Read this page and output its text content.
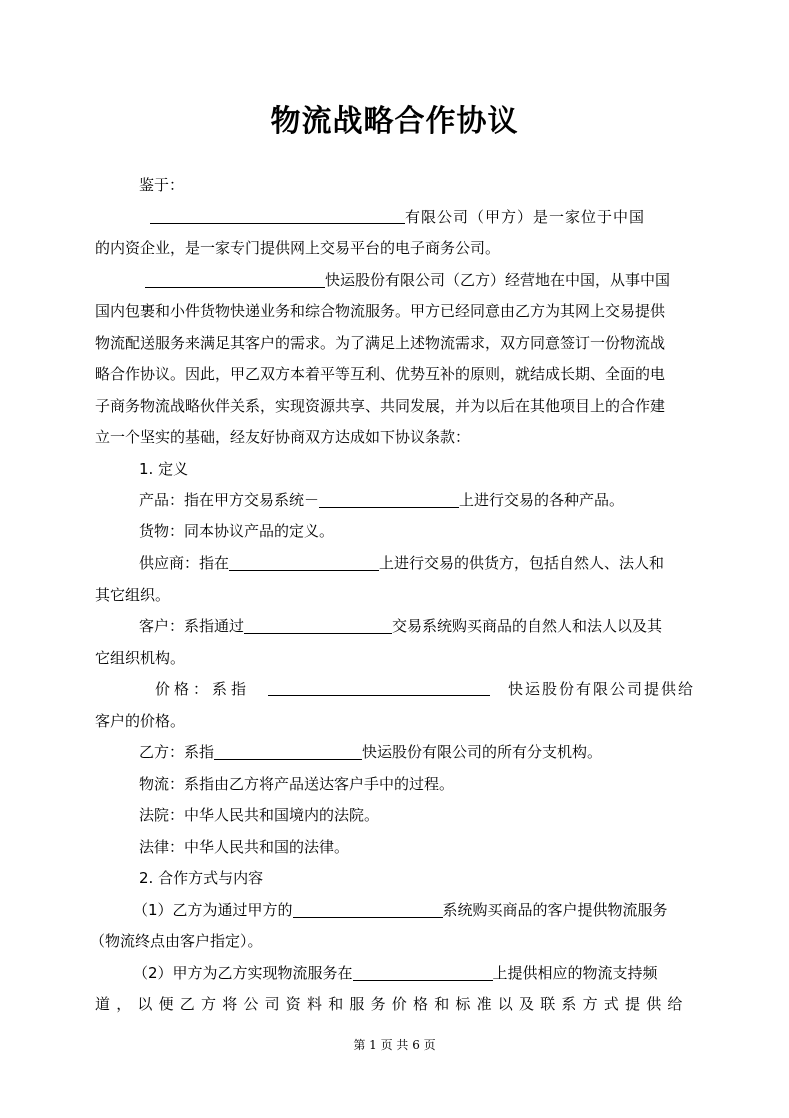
物流战略合作协议
鉴于：
有限公司（甲方）是一家位于中国
的内资企业，是一家专门提供网上交易平台的电子商务公司。
快运股份有限公司（乙方）经营地在中国，从事中国
国内包裹和小件货物快递业务和综合物流服务。甲方已经同意由乙方为其网上交易提供
物流配送服务来满足其客户的需求。为了满足上述物流需求，双方同意签订一份物流战
略合作协议。因此，甲乙双方本着平等互利、优势互补的原则，就结成长期、全面的电
子商务物流战略伙伴关系，实现资源共享、共同发展，并为以后在其他项目上的合作建
立一个坚实的基础，经友好协商双方达成如下协议条款：
1. 定义
产品：指在甲方交易系统－	上进行交易的各种产品。
货物：同本协议产品的定义。
供应商：指在	上进行交易的供货方，包括自然人、法人和
其它组织。
客户：系指通过	交易系统购买商品的自然人和法人以及其
它组织机构。
价格：系指	快运股份有限公司提供给
客户的价格。
乙方：系指	快运股份有限公司的所有分支机构。
物流：系指由乙方将产品送达客户手中的过程。
法院：中华人民共和国境内的法院。
法律：中华人民共和国的法律。
2. 合作方式与内容
（1）乙方为通过甲方的	系统购买商品的客户提供物流服务
（物流终点由客户指定）。
（2）甲方为乙方实现物流服务在	上提供相应的物流支持频
道，以便乙方将公司资料和服务价格和标准以及联系方式提供给
第 1 页 共 6 页
